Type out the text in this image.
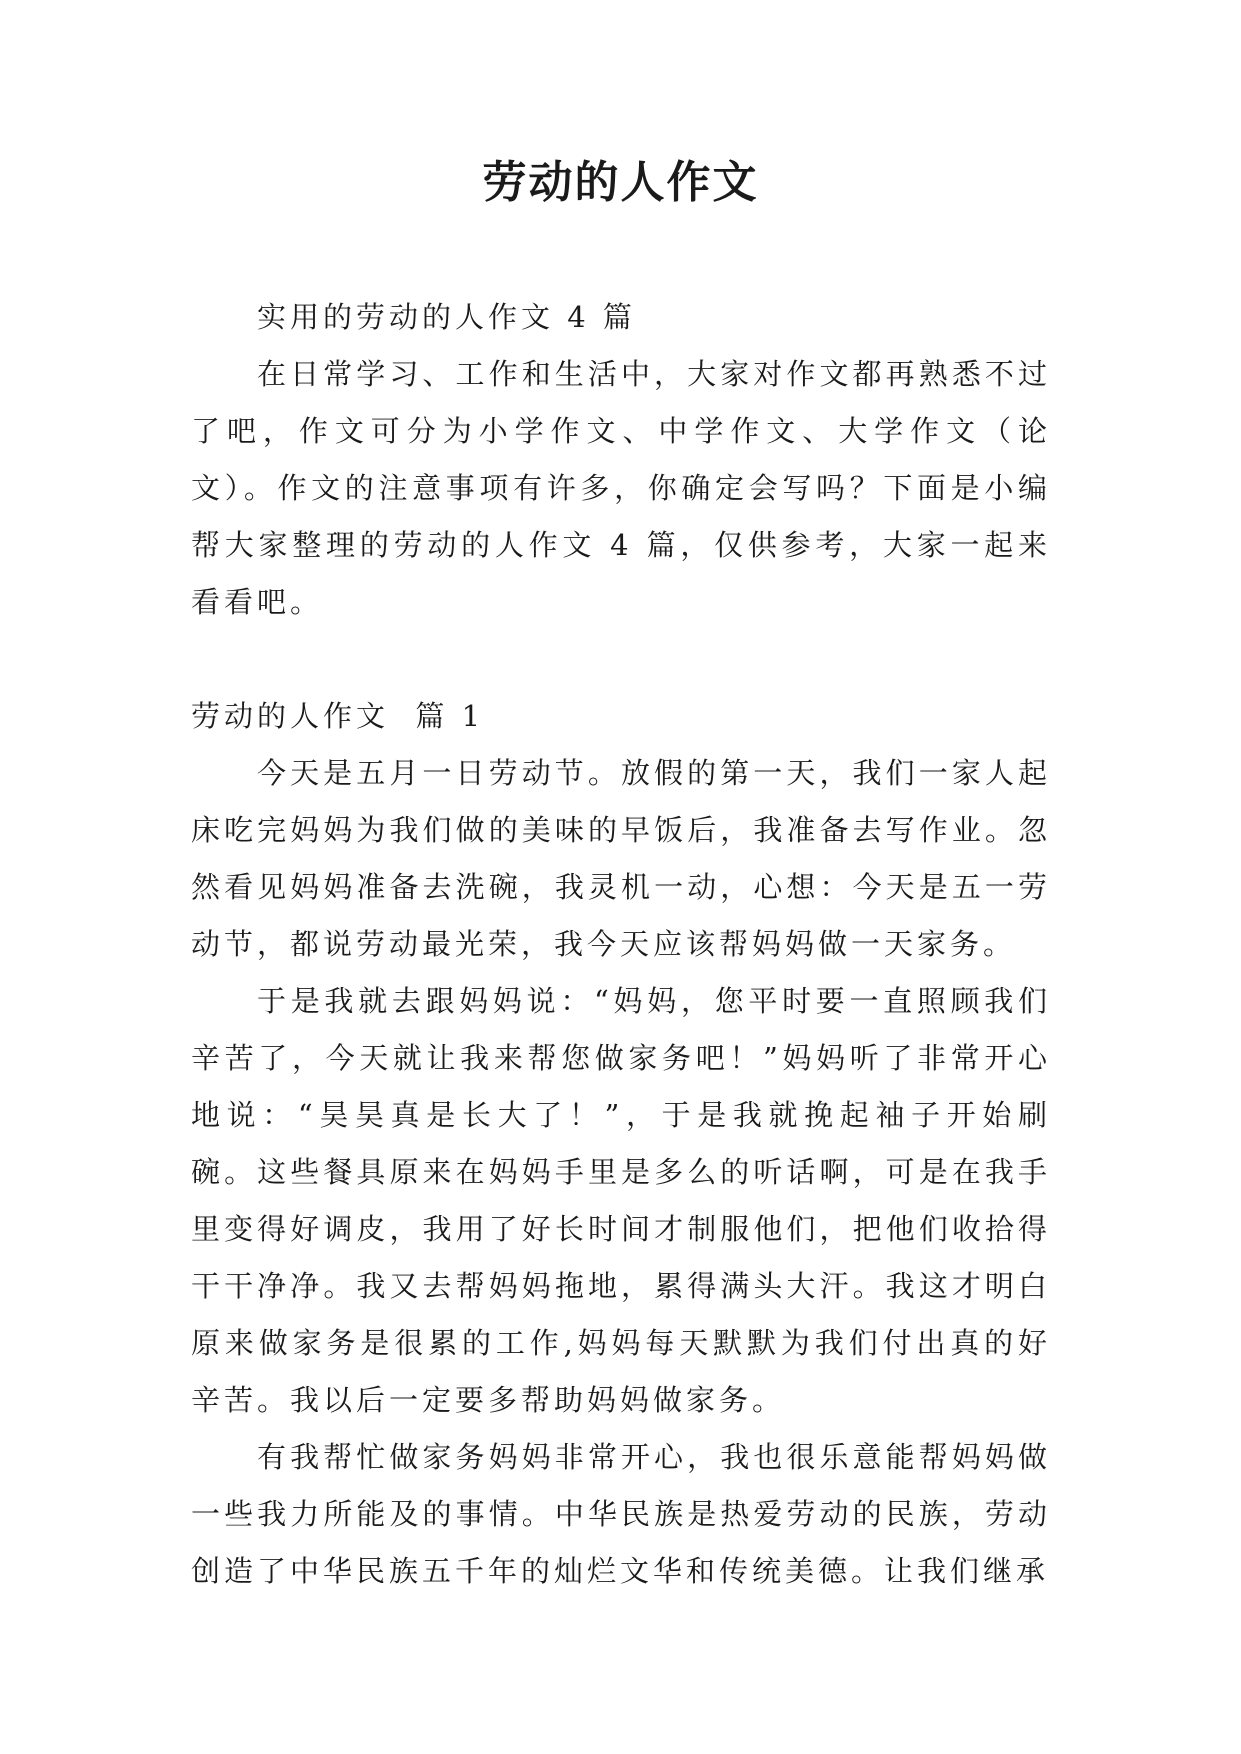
劳动的人作文

实用的劳动的人作文 4 篇

在日常学习、工作和生活中，大家对作文都再熟悉不过了吧，作文可分为小学作文、中学作文、大学作文（论文）。作文的注意事项有许多，你确定会写吗？下面是小编帮大家整理的劳动的人作文 4 篇，仅供参考，大家一起来看看吧。

劳动的人作文  篇 1

今天是五月一日劳动节。放假的第一天，我们一家人起床吃完妈妈为我们做的美味的早饭后，我准备去写作业。忽然看见妈妈准备去洗碗，我灵机一动，心想：今天是五一劳动节，都说劳动最光荣，我今天应该帮妈妈做一天家务。

于是我就去跟妈妈说：“妈妈，您平时要一直照顾我们辛苦了，今天就让我来帮您做家务吧！”妈妈听了非常开心地说：“昊昊真是长大了！”，于是我就挽起袖子开始刷碗。这些餐具原来在妈妈手里是多么的听话啊，可是在我手里变得好调皮，我用了好长时间才制服他们，把他们收拾得干干净净。我又去帮妈妈拖地，累得满头大汗。我这才明白原来做家务是很累的工作,妈妈每天默默为我们付出真的好辛苦。我以后一定要多帮助妈妈做家务。

有我帮忙做家务妈妈非常开心，我也很乐意能帮妈妈做一些我力所能及的事情。中华民族是热爱劳动的民族，劳动创造了中华民族五千年的灿烂文华和传统美德。让我们继承
